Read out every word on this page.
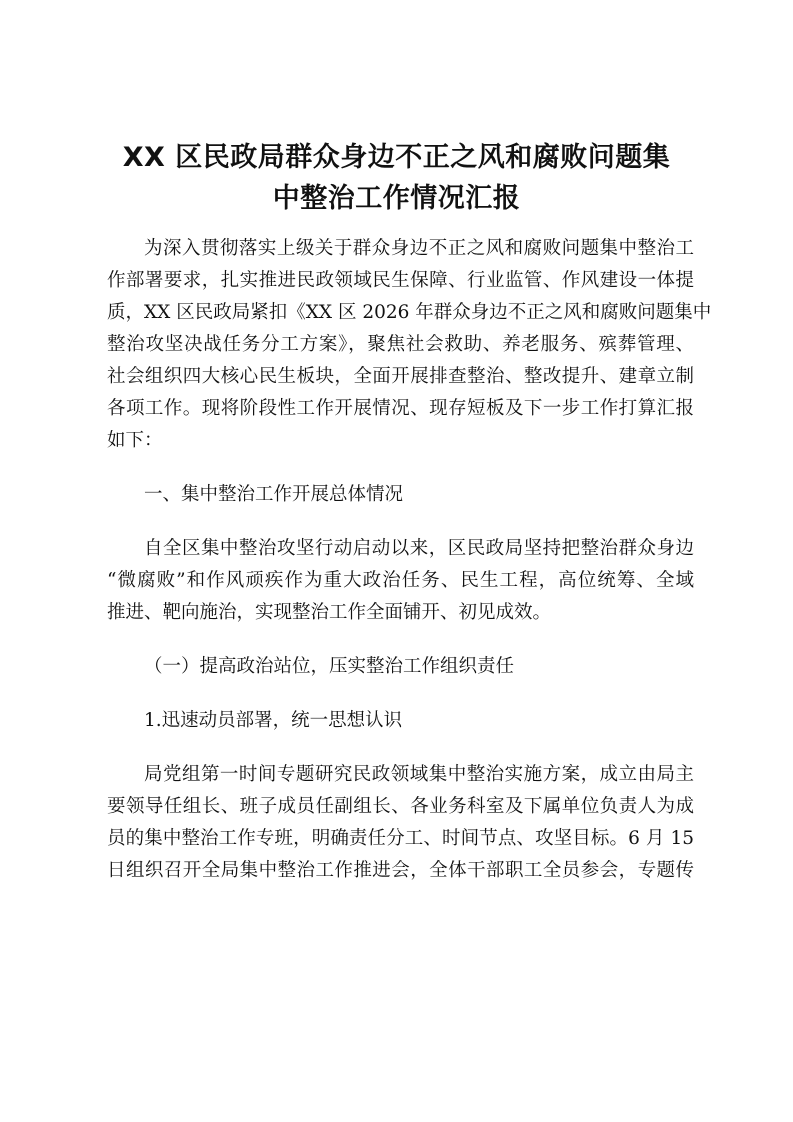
XX 区民政局群众身边不正之风和腐败问题集
中整治工作情况汇报
为深入贯彻落实上级关于群众身边不正之风和腐败问题集中整治工
作部署要求，扎实推进民政领域民生保障、行业监管、作风建设一体提
质，XX 区民政局紧扣《XX 区 2026 年群众身边不正之风和腐败问题集中
整治攻坚决战任务分工方案》，聚焦社会救助、养老服务、殡葬管理、
社会组织四大核心民生板块，全面开展排查整治、整改提升、建章立制
各项工作。现将阶段性工作开展情况、现存短板及下一步工作打算汇报
如下：
一、集中整治工作开展总体情况
自全区集中整治攻坚行动启动以来，区民政局坚持把整治群众身边
“微腐败”和作风顽疾作为重大政治任务、民生工程，高位统筹、全域
推进、靶向施治，实现整治工作全面铺开、初见成效。
（一）提高政治站位，压实整治工作组织责任
1.迅速动员部署，统一思想认识
局党组第一时间专题研究民政领域集中整治实施方案，成立由局主
要领导任组长、班子成员任副组长、各业务科室及下属单位负责人为成
员的集中整治工作专班，明确责任分工、时间节点、攻坚目标。6 月 15
日组织召开全局集中整治工作推进会，全体干部职工全员参会，专题传
